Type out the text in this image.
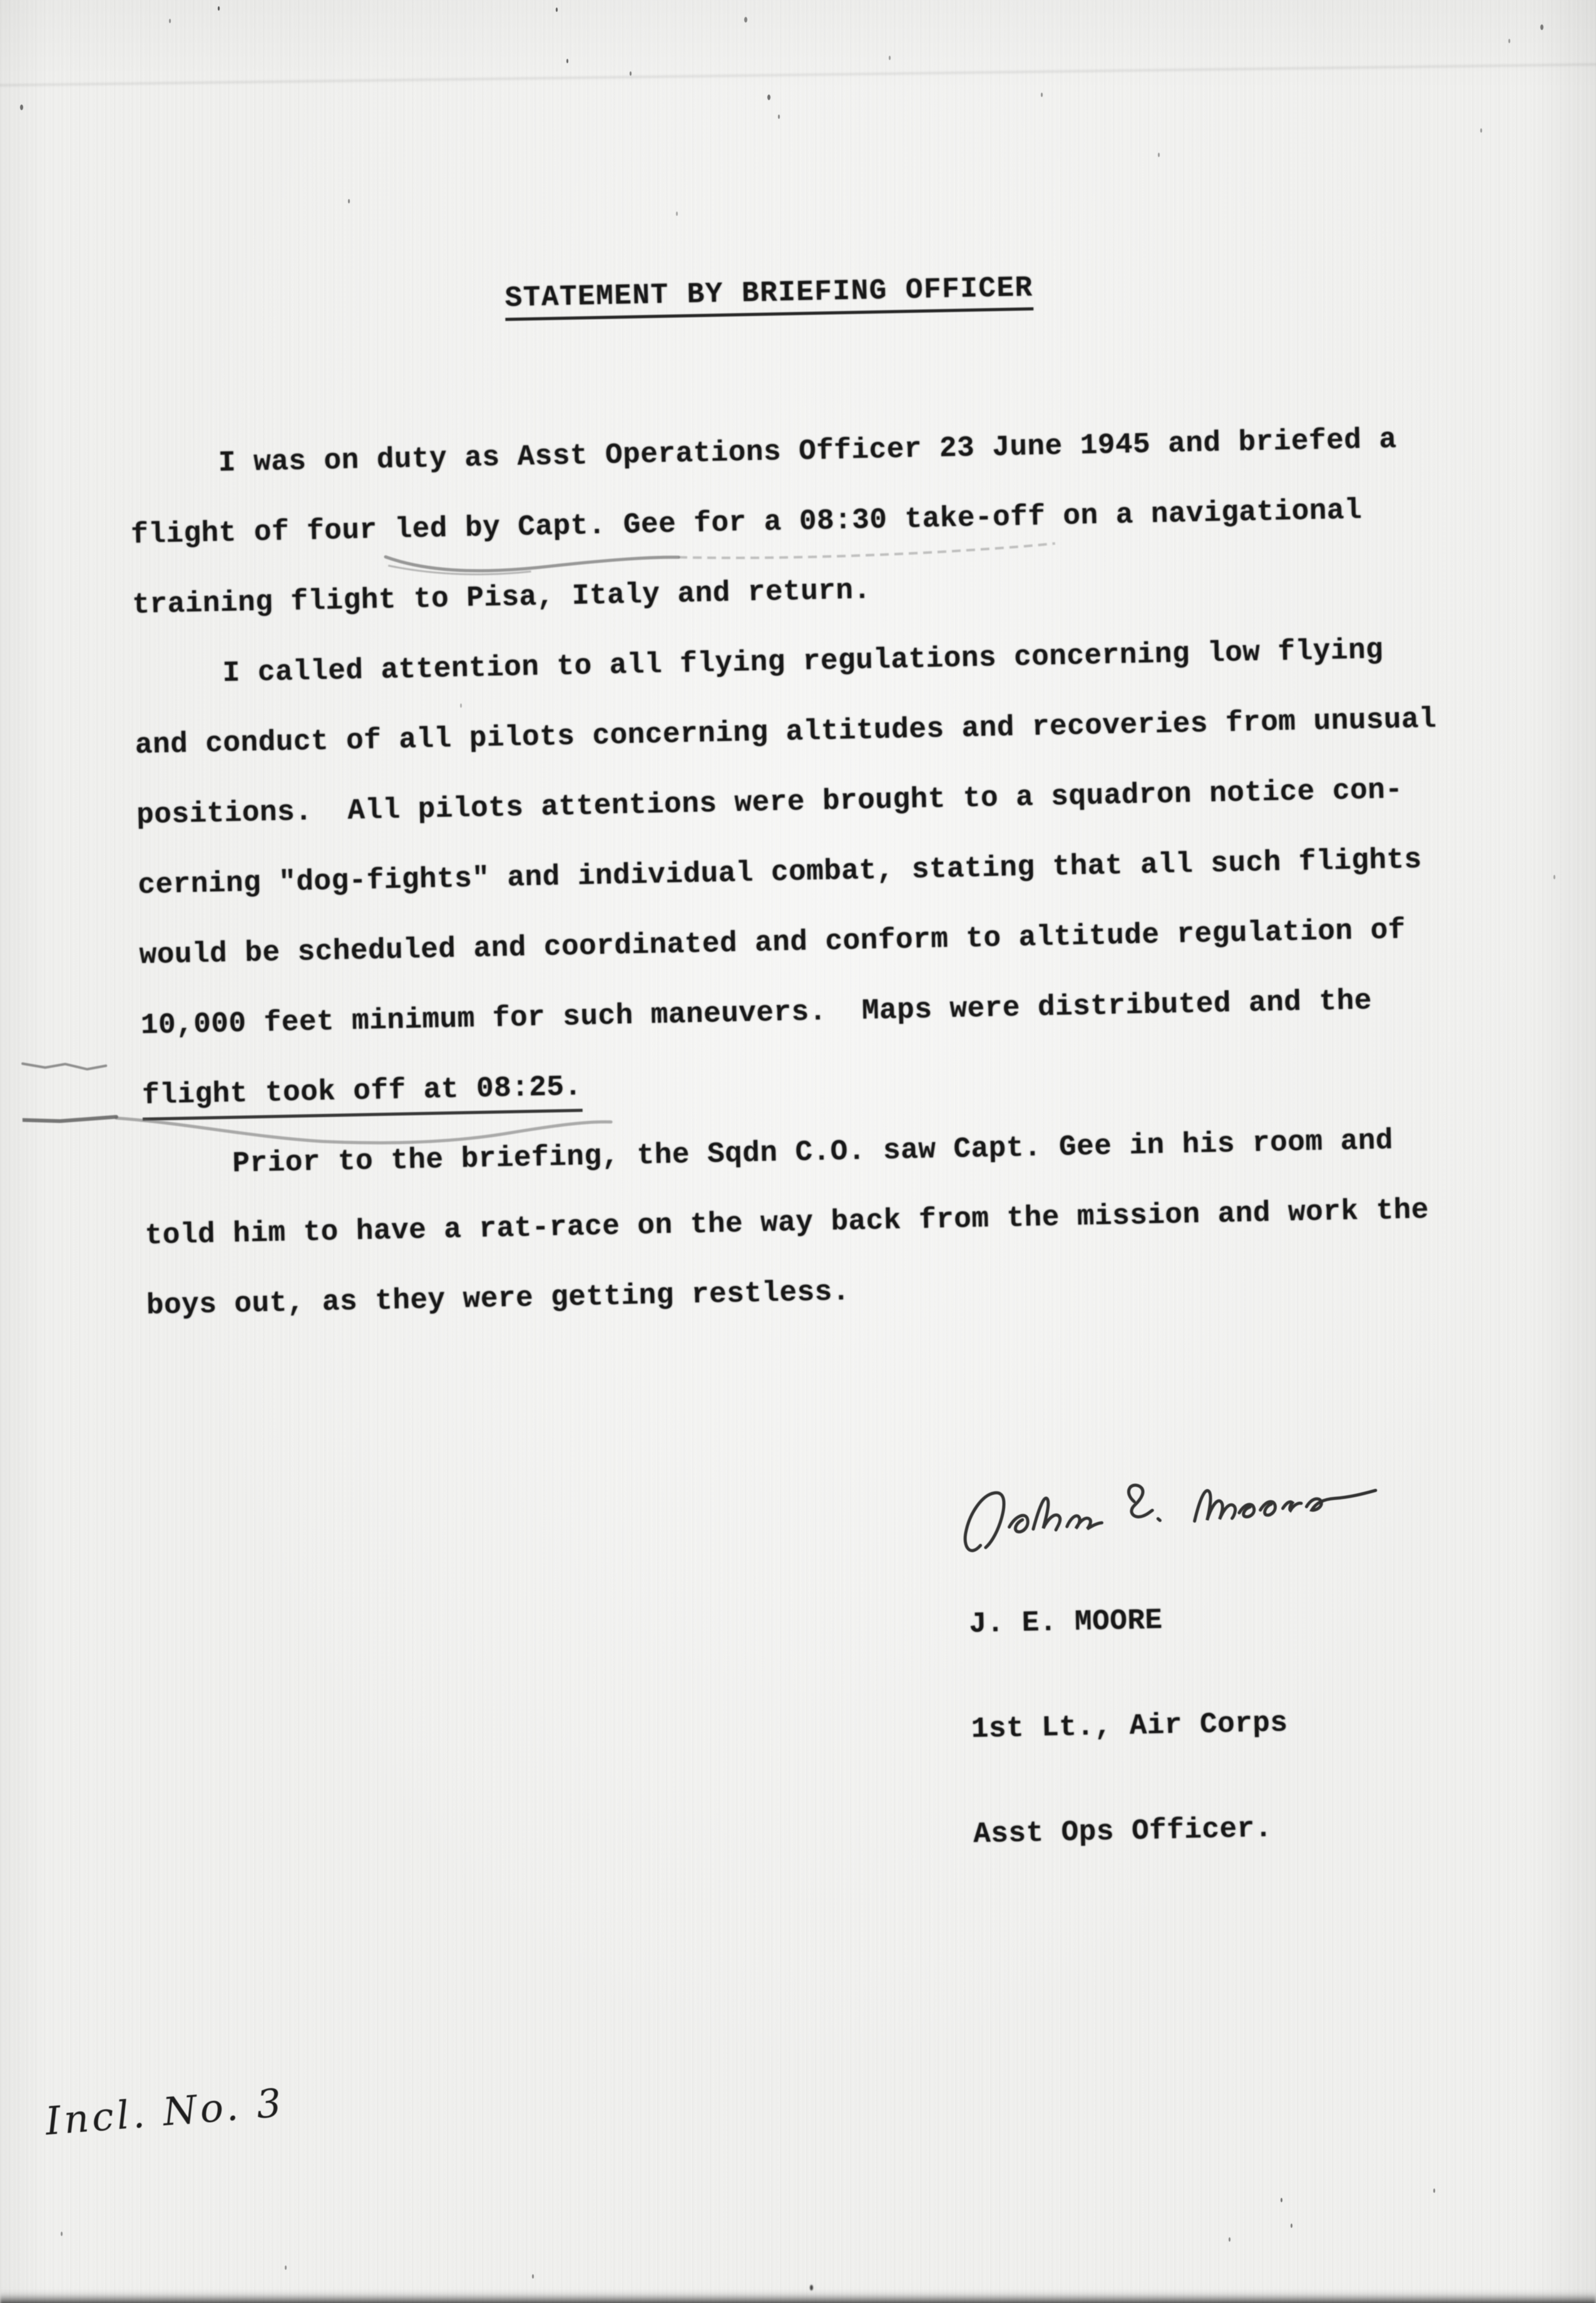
STATEMENT BY BRIEFING OFFICER
I was on duty as Asst Operations Officer 23 June 1945 and briefed a
flight of four led by Capt. Gee for a 08:30 take-off on a navigational
training flight to Pisa, Italy and return.
I called attention to all flying regulations concerning low flying
and conduct of all pilots concerning altitudes and recoveries from unusual
positions.  All pilots attentions were brought to a squadron notice con-
cerning "dog-fights" and individual combat, stating that all such flights
would be scheduled and coordinated and conform to altitude regulation of
10,000 feet minimum for such maneuvers.  Maps were distributed and the
flight took off at 08:25.
Prior to the briefing, the Sqdn C.O. saw Capt. Gee in his room and
told him to have a rat-race on the way back from the mission and work the
boys out, as they were getting restless.

J. E. MOORE

1st Lt., Air Corps

Asst Ops Officer.

Incl. No. 3
